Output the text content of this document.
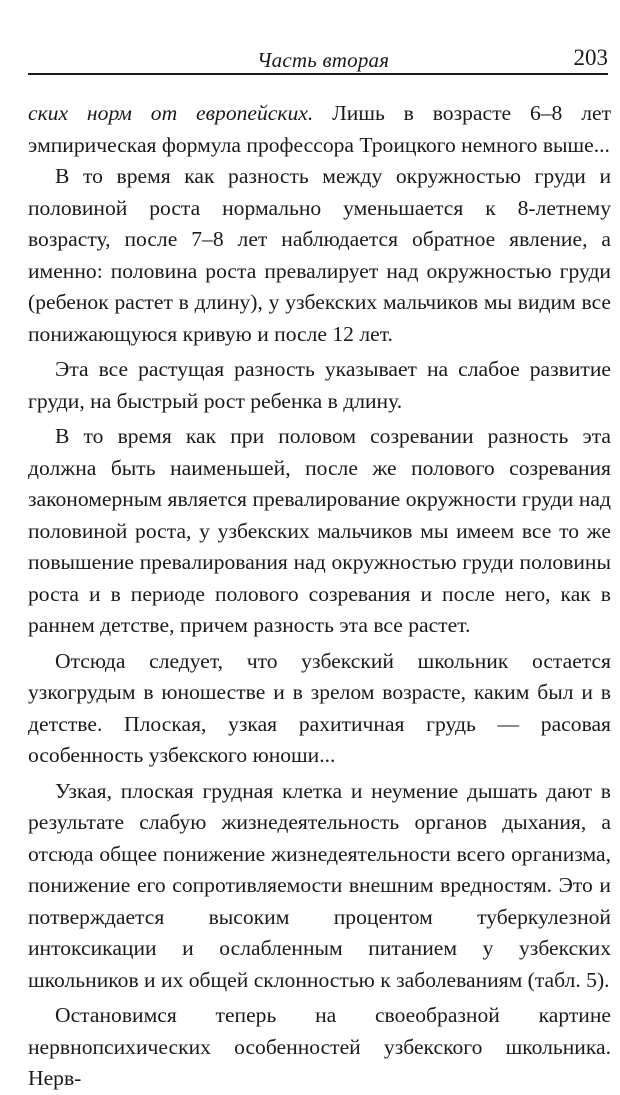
Часть вторая	203

ских норм от европейских. Лишь в возрасте 6–8 лет эмпирическая формула профессора Троицкого немного выше...

В то время как разность между окружностью груди и половиной роста нормально уменьшается к 8-летнему возрасту, после 7–8 лет наблюдается обратное явление, а именно: половина роста превалирует над окружностью груди (ребенок растет в длину), у узбекских мальчиков мы видим все понижающуюся кривую и после 12 лет.

Эта все растущая разность указывает на слабое развитие груди, на быстрый рост ребенка в длину.

В то время как при половом созревании разность эта должна быть наименьшей, после же полового созревания закономерным является превалирование окружности груди над половиной роста, у узбекских мальчиков мы имеем все то же повышение превалирования над окружностью груди половины роста и в периоде полового созревания и после него, как в раннем детстве, причем разность эта все растет.

Отсюда следует, что узбекский школьник остается узкогрудым в юношестве и в зрелом возрасте, каким был и в детстве. Плоская, узкая рахитичная грудь — расовая особенность узбекского юноши...

Узкая, плоская грудная клетка и неумение дышать дают в результате слабую жизнедеятельность органов дыхания, а отсюда общее понижение жизнедеятельности всего организма, понижение его сопротивляемости внешним вредностям. Это и потверждается высоким процентом туберкулезной интоксикации и ослабленным питанием у узбекских школьников и их общей склонностью к заболеваниям (табл. 5).

Остановимся теперь на своеобразной картине нервнопсихических особенностей узбекского школьника. Нерв-
